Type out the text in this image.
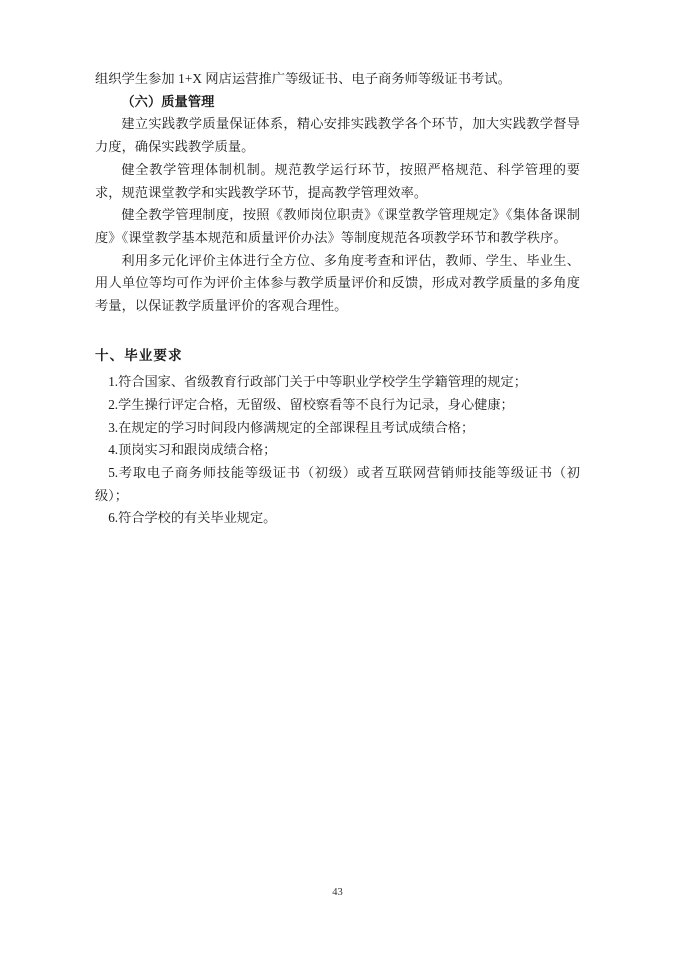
组织学生参加 1+X 网店运营推广等级证书、电子商务师等级证书考试。

（六）质量管理

建立实践教学质量保证体系，精心安排实践教学各个环节，加大实践教学督导力度，确保实践教学质量。

健全教学管理体制机制。规范教学运行环节，按照严格规范、科学管理的要求，规范课堂教学和实践教学环节，提高教学管理效率。

健全教学管理制度，按照《教师岗位职责》《课堂教学管理规定》《集体备课制度》《课堂教学基本规范和质量评价办法》等制度规范各项教学环节和教学秩序。

利用多元化评价主体进行全方位、多角度考查和评估，教师、学生、毕业生、用人单位等均可作为评价主体参与教学质量评价和反馈，形成对教学质量的多角度考量，以保证教学质量评价的客观合理性。

十、毕业要求

1.符合国家、省级教育行政部门关于中等职业学校学生学籍管理的规定；

2.学生操行评定合格，无留级、留校察看等不良行为记录，身心健康；

3.在规定的学习时间段内修满规定的全部课程且考试成绩合格；

4.顶岗实习和跟岗成绩合格；

5.考取电子商务师技能等级证书（初级）或者互联网营销师技能等级证书（初级）；

6.符合学校的有关毕业规定。

43
